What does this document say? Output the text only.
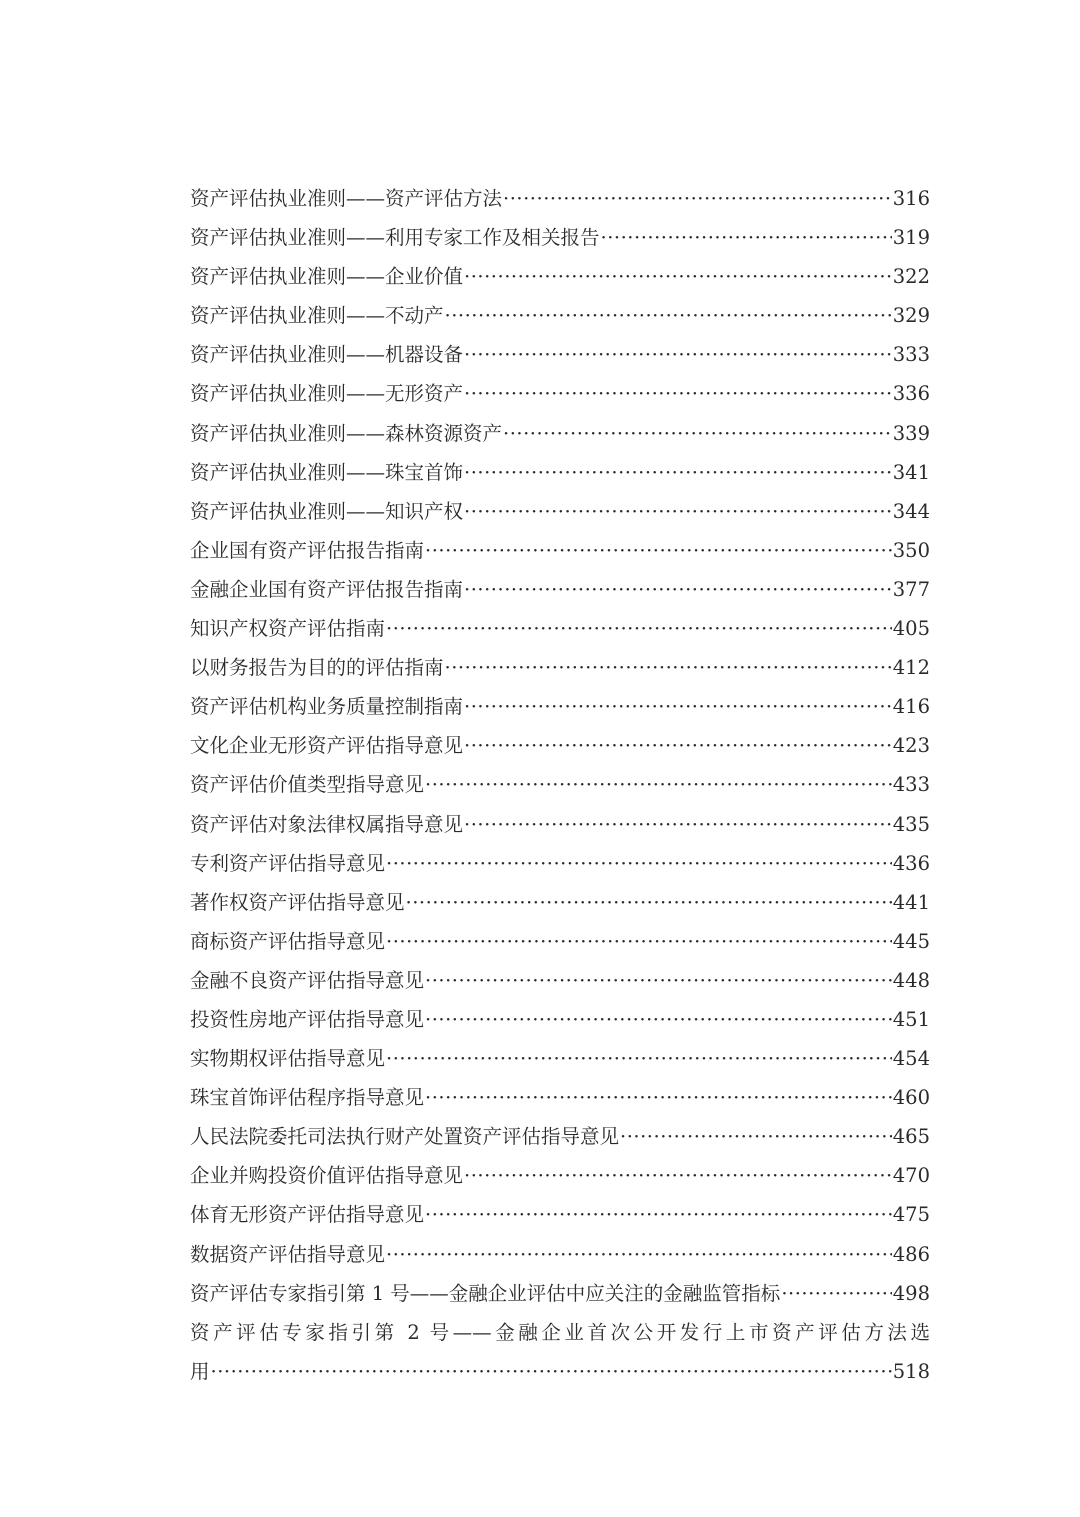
资产评估执业准则——资产评估方法 ·····	316
资产评估执业准则——利用专家工作及相关报告 ·····	319
资产评估执业准则——企业价值 ·····	322
资产评估执业准则——不动产 ·····	329
资产评估执业准则——机器设备 ·····	333
资产评估执业准则——无形资产 ·····	336
资产评估执业准则——森林资源资产 ·····	339
资产评估执业准则——珠宝首饰 ·····	341
资产评估执业准则——知识产权 ·····	344
企业国有资产评估报告指南 ·····	350
金融企业国有资产评估报告指南 ·····	377
知识产权资产评估指南 ·····	405
以财务报告为目的的评估指南 ·····	412
资产评估机构业务质量控制指南 ·····	416
文化企业无形资产评估指导意见 ·····	423
资产评估价值类型指导意见 ·····	433
资产评估对象法律权属指导意见 ·····	435
专利资产评估指导意见 ·····	436
著作权资产评估指导意见 ·····	441
商标资产评估指导意见 ·····	445
金融不良资产评估指导意见 ·····	448
投资性房地产评估指导意见 ·····	451
实物期权评估指导意见 ·····	454
珠宝首饰评估程序指导意见 ·····	460
人民法院委托司法执行财产处置资产评估指导意见 ·····	465
企业并购投资价值评估指导意见 ·····	470
体育无形资产评估指导意见 ·····	475
数据资产评估指导意见 ·····	486
资产评估专家指引第 1 号——金融企业评估中应关注的金融监管指标 ·····	498
资产评估专家指引第 2 号——金融企业首次公开发行上市资产评估方法选
用 ·····	518
